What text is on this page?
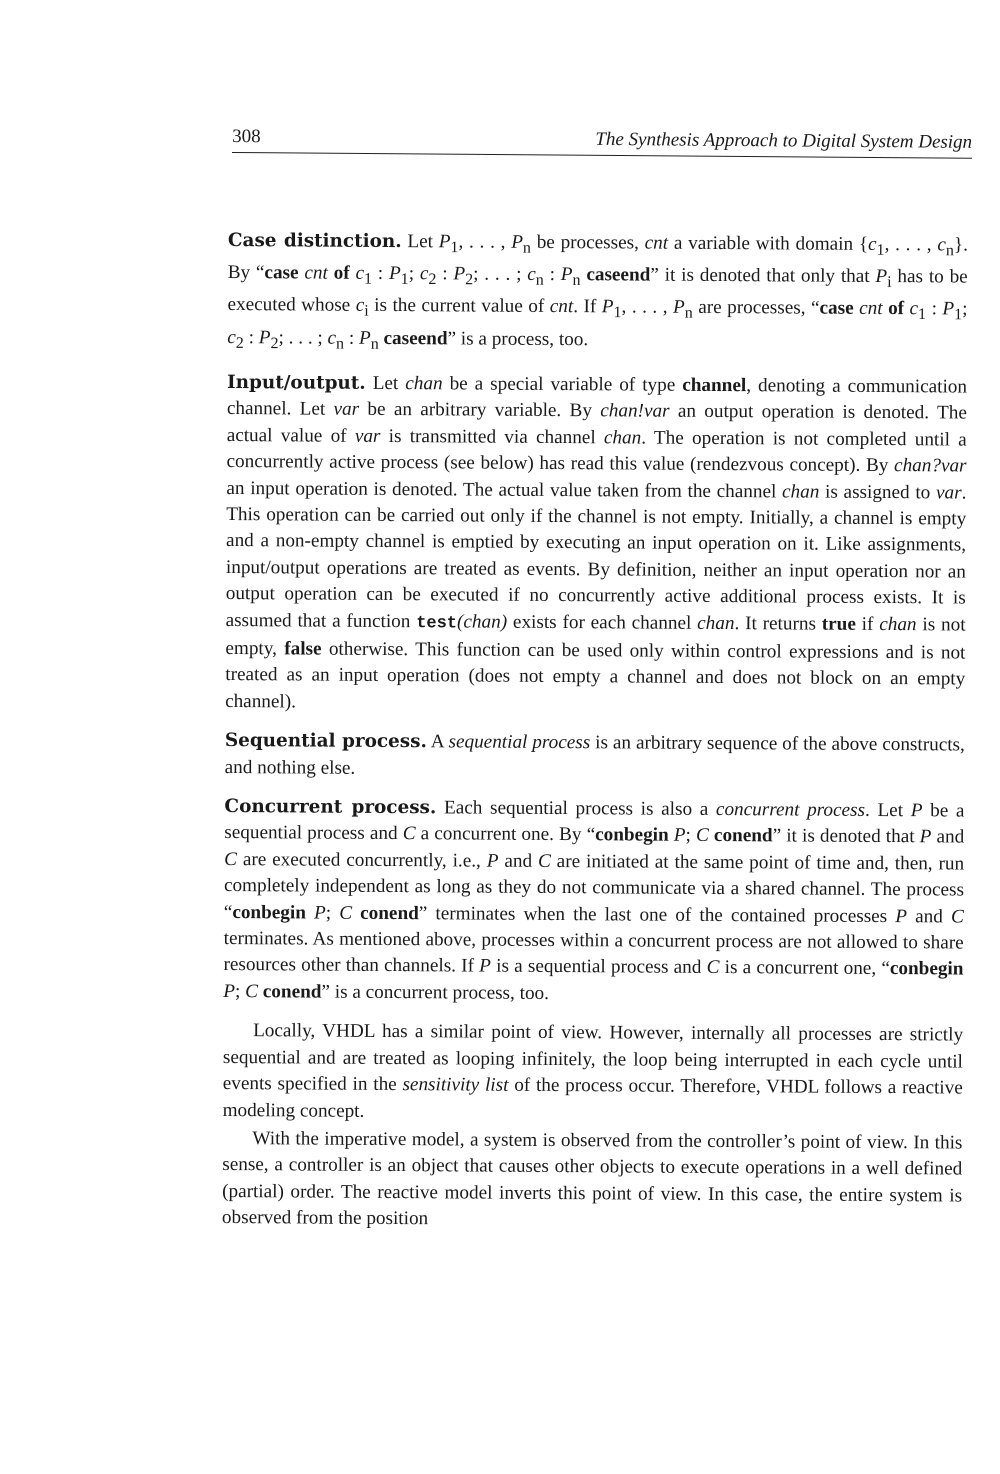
308	The Synthesis Approach to Digital System Design

Case distinction. Let $P_1$, . . . , $P_n$ be processes, cnt a variable with domain {$c_1$, . . . , $c_n$}. By “case cnt of $c_1$ : $P_1$; $c_2$ : $P_2$; . . . ; $c_n$ : $P_n$ caseend” it is denoted that only that $P_i$ has to be executed whose $c_i$ is the current value of cnt. If $P_1$, . . . , $P_n$ are processes, “case cnt of $c_1$ : $P_1$; $c_2$ : $P_2$; . . . ; $c_n$ : $P_n$ caseend” is a process, too.

Input/output. Let chan be a special variable of type channel, denoting a communication channel. Let var be an arbitrary variable. By chan!var an output operation is denoted. The actual value of var is transmitted via channel chan. The operation is not completed until a concurrently active process (see below) has read this value (rendezvous concept). By chan?var an input operation is denoted. The actual value taken from the channel chan is assigned to var. This operation can be carried out only if the channel is not empty. Initially, a channel is empty and a non-empty channel is emptied by executing an input operation on it. Like assignments, input/output operations are treated as events. By definition, neither an input operation nor an output operation can be executed if no concurrently active additional process exists. It is assumed that a function test(chan) exists for each channel chan. It returns true if chan is not empty, false otherwise. This function can be used only within control expressions and is not treated as an input operation (does not empty a channel and does not block on an empty channel).

Sequential process. A sequential process is an arbitrary sequence of the above constructs, and nothing else.

Concurrent process. Each sequential process is also a concurrent process. Let P be a sequential process and C a concurrent one. By “conbegin P; C conend” it is denoted that P and C are executed concurrently, i.e., P and C are initiated at the same point of time and, then, run completely independent as long as they do not communicate via a shared channel. The process “conbegin P; C conend” terminates when the last one of the contained processes P and C terminates. As mentioned above, processes within a concurrent process are not allowed to share resources other than channels. If P is a sequential process and C is a concurrent one, “conbegin P; C conend” is a concurrent process, too.

Locally, VHDL has a similar point of view. However, internally all processes are strictly sequential and are treated as looping infinitely, the loop being interrupted in each cycle until events specified in the sensitivity list of the process occur. Therefore, VHDL follows a reactive modeling concept.

With the imperative model, a system is observed from the controller’s point of view. In this sense, a controller is an object that causes other objects to execute operations in a well defined (partial) order. The reactive model inverts this point of view. In this case, the entire system is observed from the position
